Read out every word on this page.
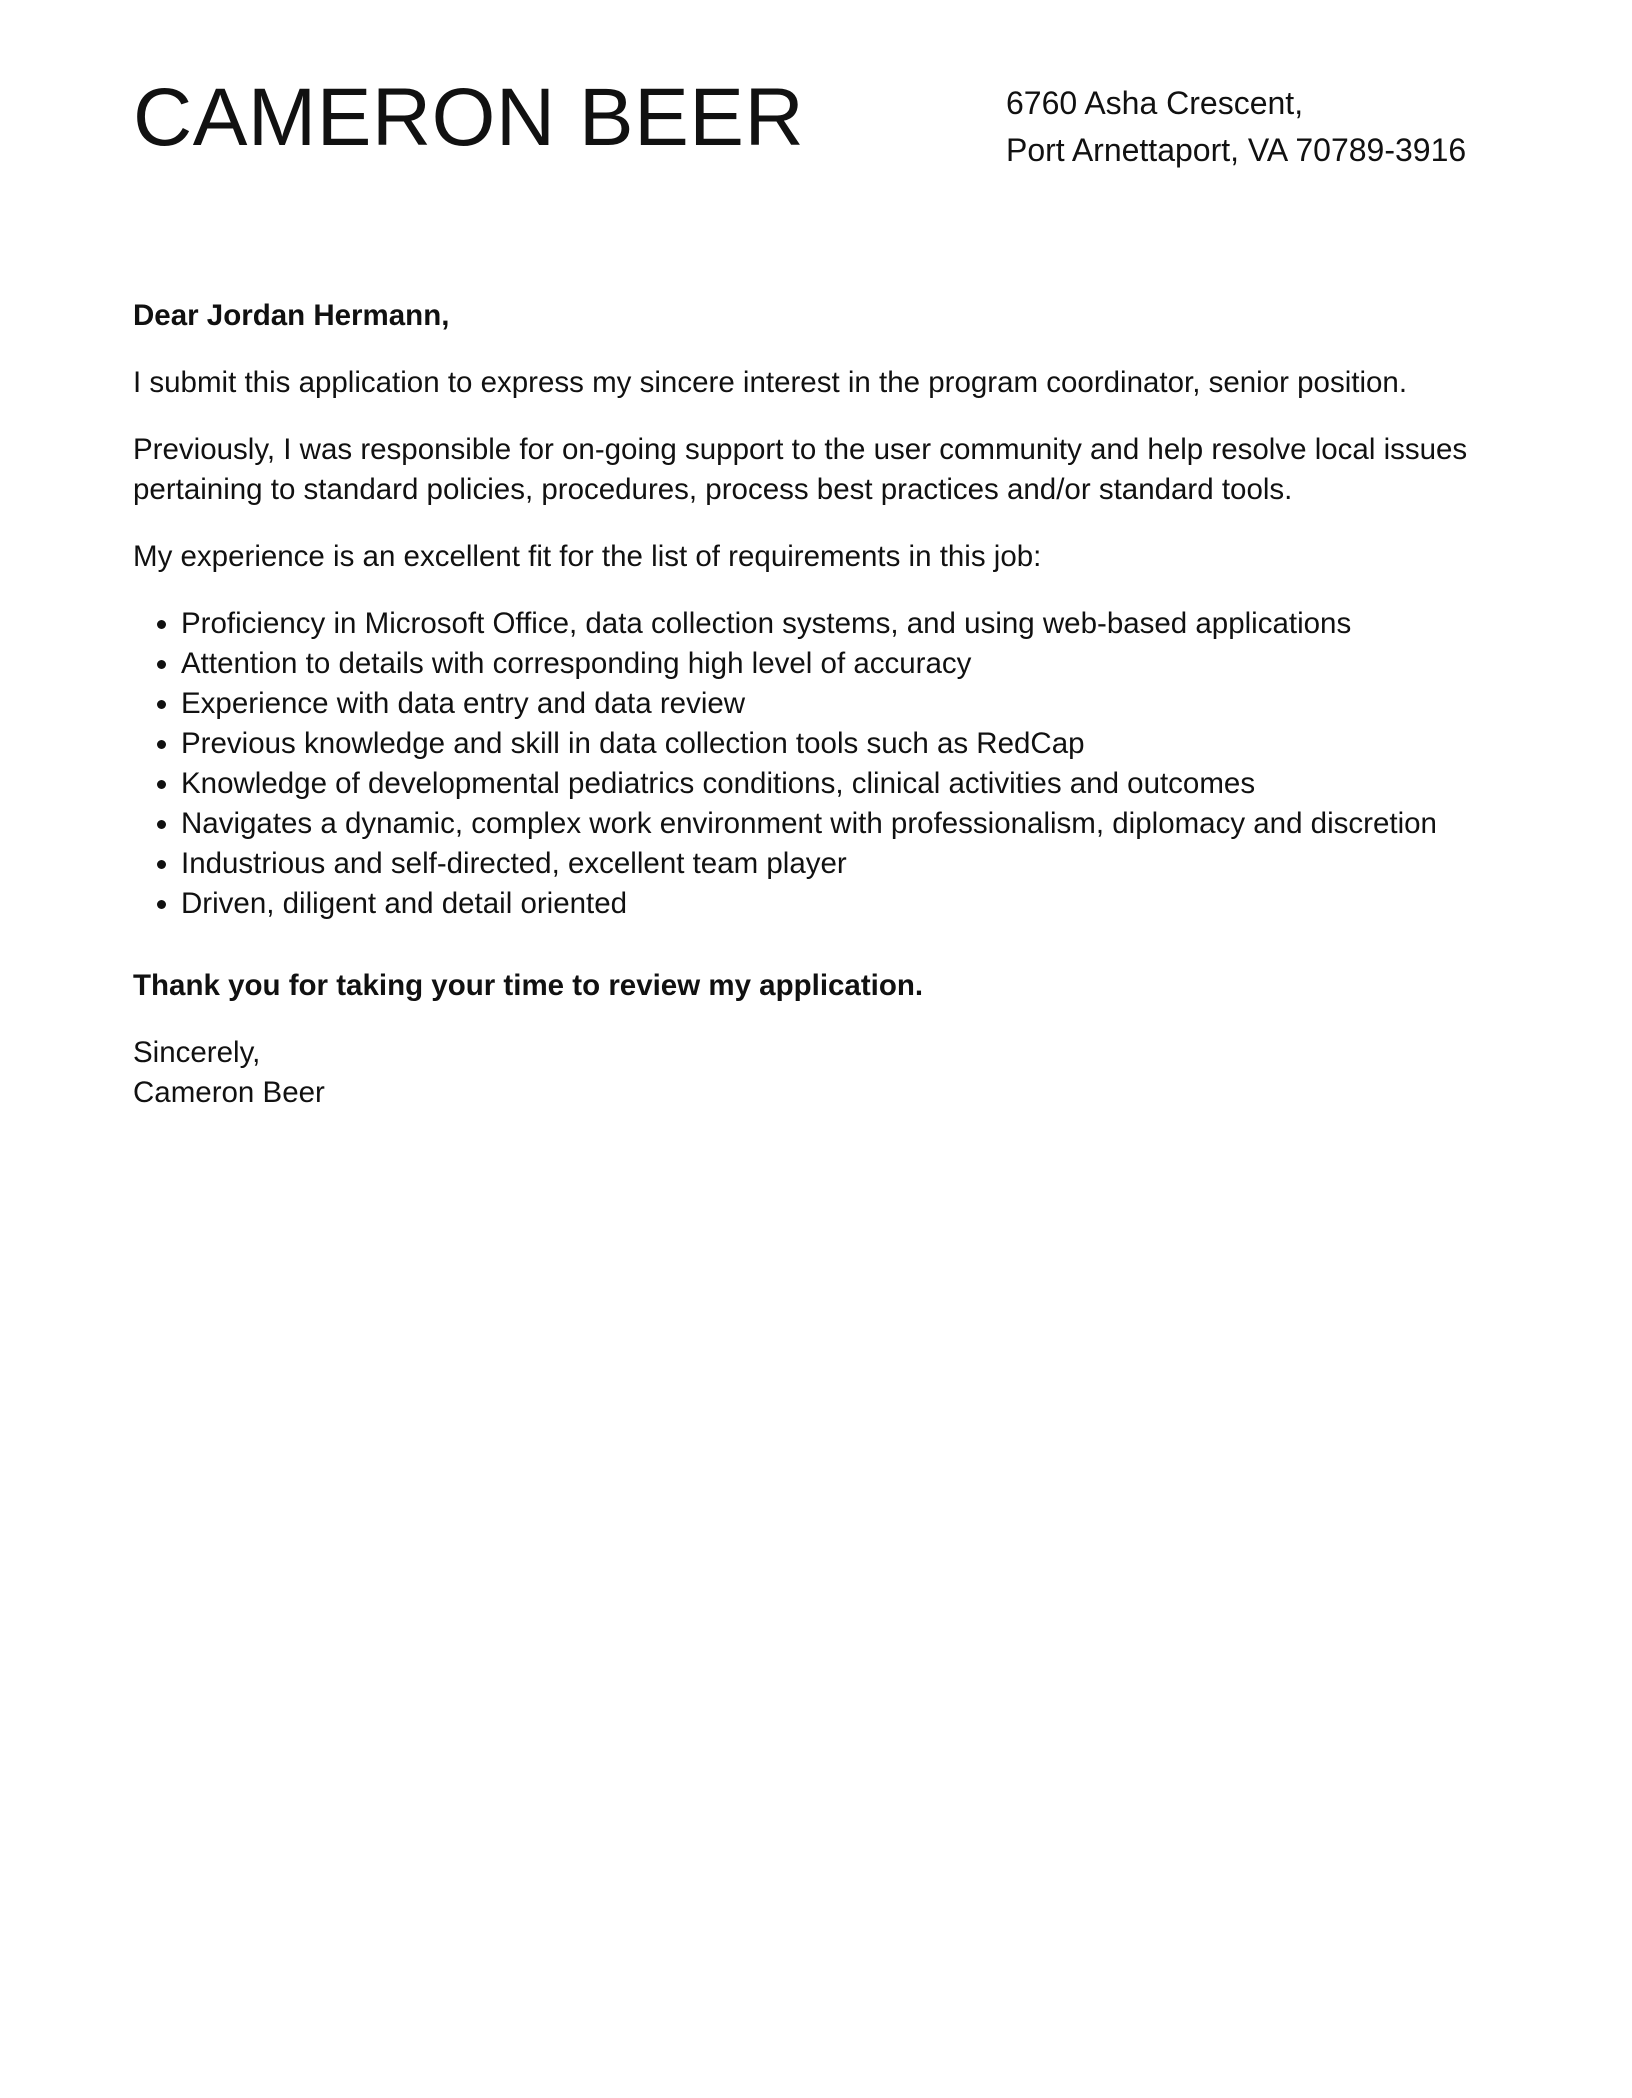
CAMERON BEER	6760 Asha Crescent,
Port Arnettaport, VA 70789-3916

Dear Jordan Hermann,

I submit this application to express my sincere interest in the program coordinator, senior position.

Previously, I was responsible for on-going support to the user community and help resolve local issues pertaining to standard policies, procedures, process best practices and/or standard tools.

My experience is an excellent fit for the list of requirements in this job:

• Proficiency in Microsoft Office, data collection systems, and using web-based applications
• Attention to details with corresponding high level of accuracy
• Experience with data entry and data review
• Previous knowledge and skill in data collection tools such as RedCap
• Knowledge of developmental pediatrics conditions, clinical activities and outcomes
• Navigates a dynamic, complex work environment with professionalism, diplomacy and discretion
• Industrious and self-directed, excellent team player
• Driven, diligent and detail oriented

Thank you for taking your time to review my application.

Sincerely,
Cameron Beer
